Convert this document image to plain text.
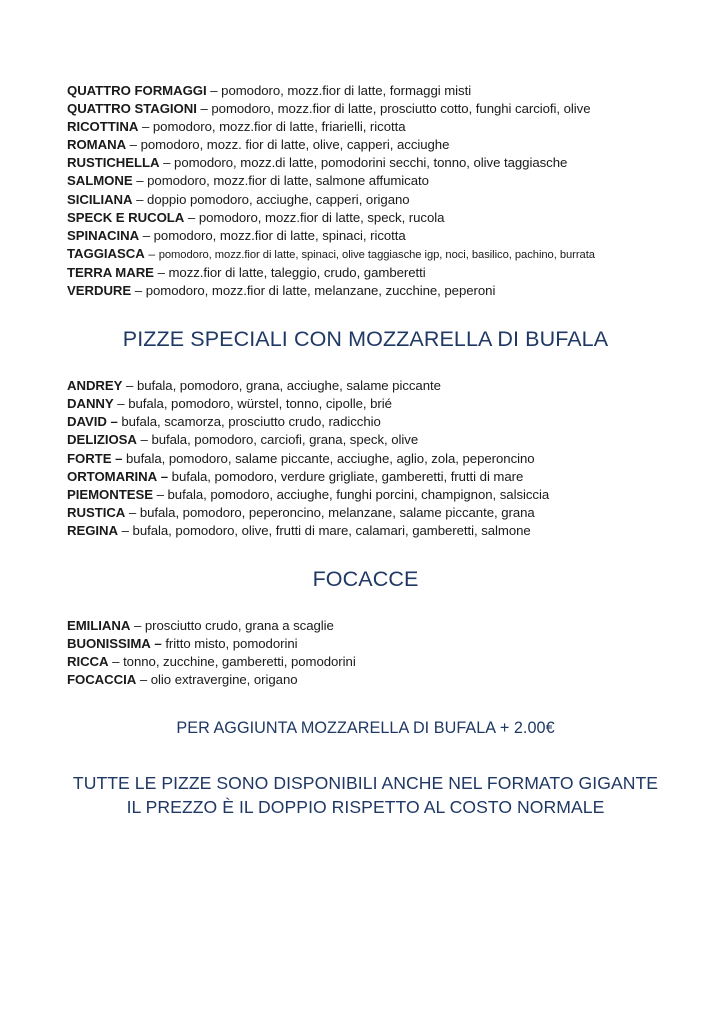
QUATTRO FORMAGGI – pomodoro, mozz.fior di latte, formaggi misti
QUATTRO STAGIONI – pomodoro, mozz.fior di latte, prosciutto cotto, funghi carciofi, olive
RICOTTINA – pomodoro, mozz.fior di latte, friarielli, ricotta
ROMANA – pomodoro, mozz. fior di latte, olive, capperi, acciughe
RUSTICHELLA – pomodoro, mozz.di latte, pomodorini secchi, tonno, olive taggiasche
SALMONE – pomodoro, mozz.fior di latte, salmone affumicato
SICILIANA – doppio pomodoro, acciughe, capperi, origano
SPECK E RUCOLA – pomodoro, mozz.fior di latte, speck, rucola
SPINACINA – pomodoro, mozz.fior di latte, spinaci, ricotta
TAGGIASCA – pomodoro, mozz.fior di latte, spinaci, olive taggiasche igp, noci, basilico, pachino, burrata
TERRA MARE – mozz.fior di latte, taleggio, crudo, gamberetti
VERDURE – pomodoro, mozz.fior di latte, melanzane, zucchine, peperoni
PIZZE SPECIALI CON MOZZARELLA DI BUFALA
ANDREY – bufala, pomodoro, grana, acciughe, salame piccante
DANNY – bufala, pomodoro, würstel, tonno, cipolle, brié
DAVID – bufala, scamorza, prosciutto crudo, radicchio
DELIZIOSA – bufala, pomodoro, carciofi, grana, speck, olive
FORTE – bufala, pomodoro, salame piccante, acciughe, aglio, zola, peperoncino
ORTOMARINA – bufala, pomodoro, verdure grigliate, gamberetti, frutti di mare
PIEMONTESE – bufala, pomodoro, acciughe, funghi porcini, champignon, salsiccia
RUSTICA – bufala, pomodoro, peperoncino, melanzane, salame piccante, grana
REGINA – bufala, pomodoro, olive, frutti di mare, calamari, gamberetti, salmone
FOCACCE
EMILIANA – prosciutto crudo, grana a scaglie
BUONISSIMA – fritto misto, pomodorini
RICCA – tonno, zucchine, gamberetti, pomodorini
FOCACCIA – olio extravergine, origano
PER AGGIUNTA MOZZARELLA DI BUFALA + 2.00€
TUTTE LE PIZZE SONO DISPONIBILI ANCHE NEL FORMATO GIGANTE
IL PREZZO È IL DOPPIO RISPETTO AL COSTO NORMALE
